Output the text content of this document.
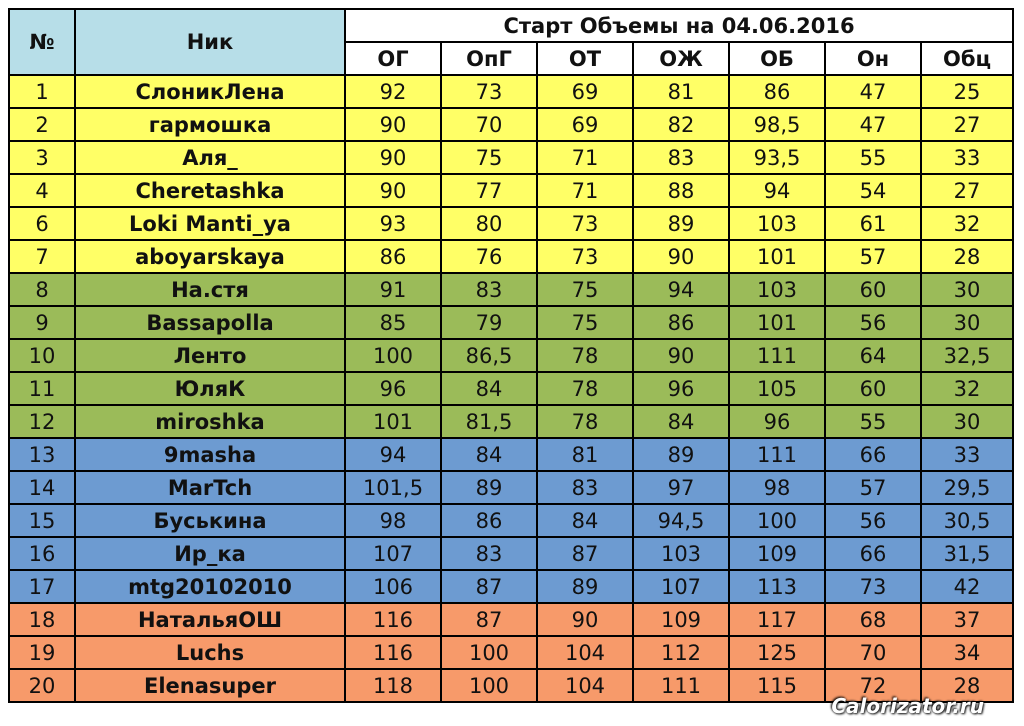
№	Ник	Старт Объемы на 04.06.2016						
		ОГ	ОпГ	ОТ	ОЖ	ОБ	Он	Обц
1	СлоникЛена	92	73	69	81	86	47	25
2	гармошка	90	70	69	82	98,5	47	27
3	Аля_	90	75	71	83	93,5	55	33
4	Cheretashka	90	77	71	88	94	54	27
6	Loki Manti_ya	93	80	73	89	103	61	32
7	aboyarskaya	86	76	73	90	101	57	28
8	На.стя	91	83	75	94	103	60	30
9	Bassapolla	85	79	75	86	101	56	30
10	Ленто	100	86,5	78	90	111	64	32,5
11	ЮляК	96	84	78	96	105	60	32
12	miroshka	101	81,5	78	84	96	55	30
13	9masha	94	84	81	89	111	66	33
14	MarTch	101,5	89	83	97	98	57	29,5
15	Буськина	98	86	84	94,5	100	56	30,5
16	Ир_ка	107	83	87	103	109	66	31,5
17	mtg20102010	106	87	89	107	113	73	42
18	НатальяОШ	116	87	90	109	117	68	37
19	Luchs	116	100	104	112	125	70	34
20	Elenasuper	118	100	104	111	115	72	28
Calorizator.ru
